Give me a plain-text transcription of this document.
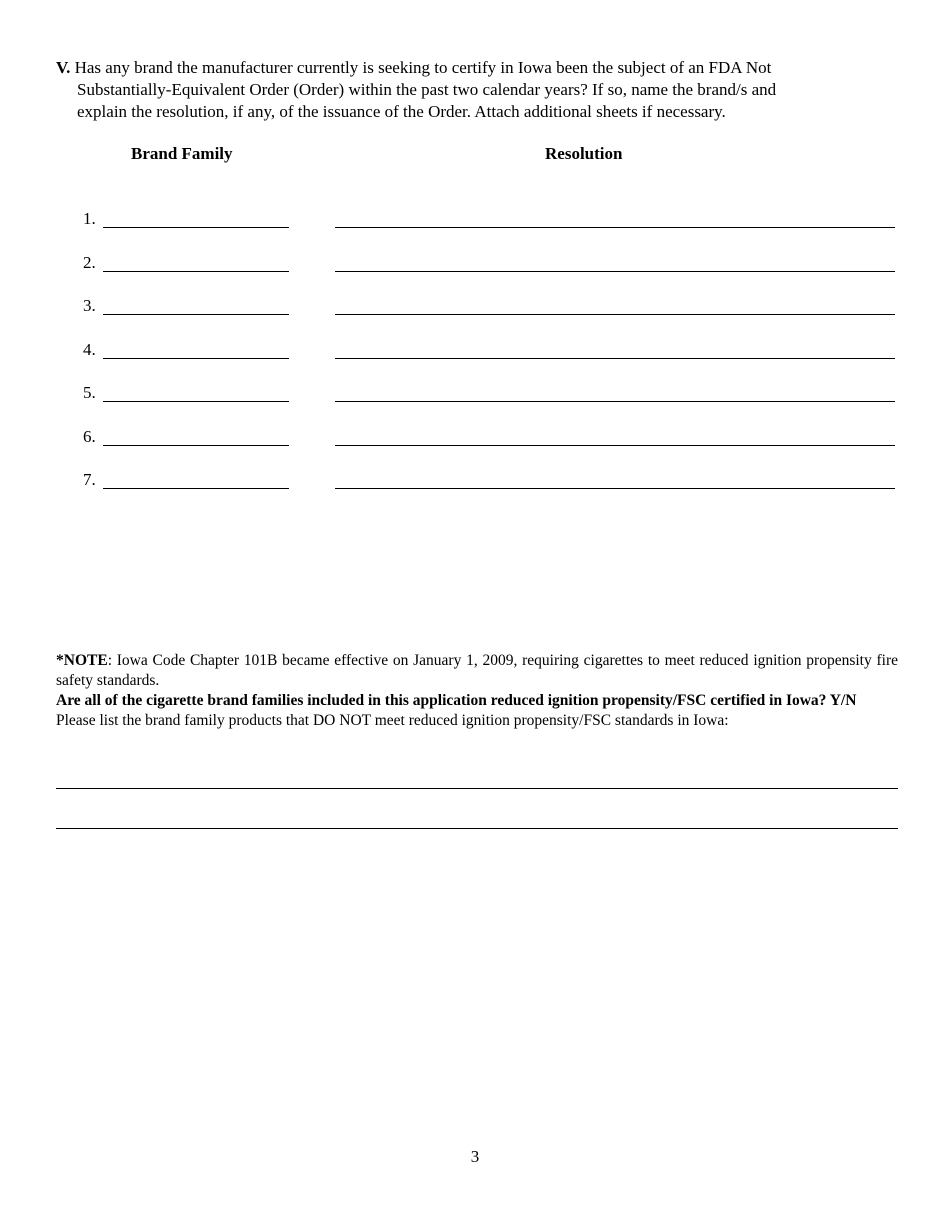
V. Has any brand the manufacturer currently is seeking to certify in Iowa been the subject of an FDA Not
Substantially-Equivalent Order (Order) within the past two calendar years? If so, name the brand/s and
explain the resolution, if any, of the issuance of the Order. Attach additional sheets if necessary.
Brand Family	Resolution
1.
2.
3.
4.
5.
6.
7.
*NOTE: Iowa Code Chapter 101B became effective on January 1, 2009, requiring cigarettes to meet reduced ignition propensity fire safety standards.
Are all of the cigarette brand families included in this application reduced ignition propensity/FSC certified in Iowa? Y/N
Please list the brand family products that DO NOT meet reduced ignition propensity/FSC standards in Iowa:
3
